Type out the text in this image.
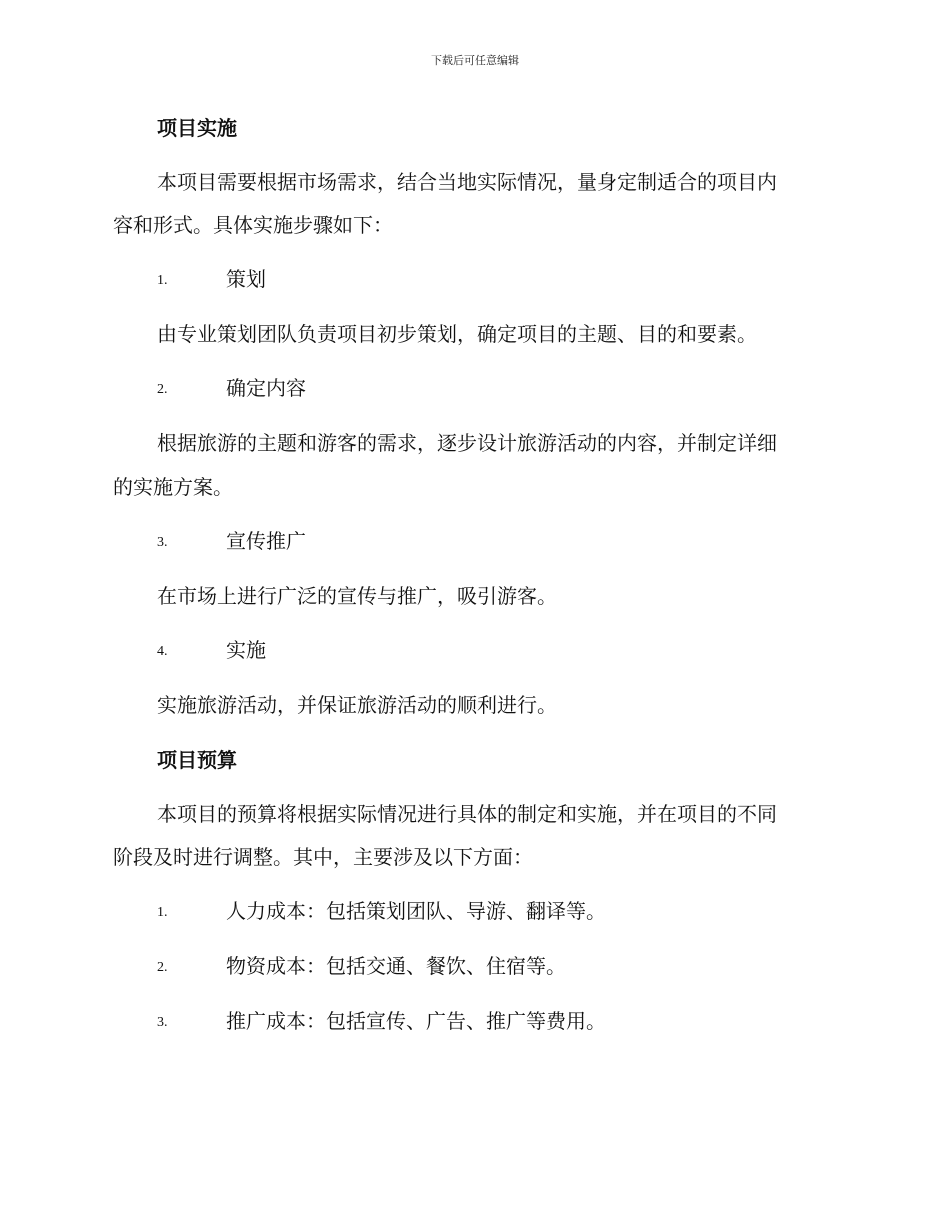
下载后可任意编辑
项目实施
本项目需要根据市场需求，结合当地实际情况，量身定制适合的项目内
容和形式。具体实施步骤如下：
1.	策划
由专业策划团队负责项目初步策划，确定项目的主题、目的和要素。
2.	确定内容
根据旅游的主题和游客的需求，逐步设计旅游活动的内容，并制定详细
的实施方案。
3.	宣传推广
在市场上进行广泛的宣传与推广，吸引游客。
4.	实施
实施旅游活动，并保证旅游活动的顺利进行。
项目预算
本项目的预算将根据实际情况进行具体的制定和实施，并在项目的不同
阶段及时进行调整。其中，主要涉及以下方面：
1.	人力成本：包括策划团队、导游、翻译等。
2.	物资成本：包括交通、餐饮、住宿等。
3.	推广成本：包括宣传、广告、推广等费用。
